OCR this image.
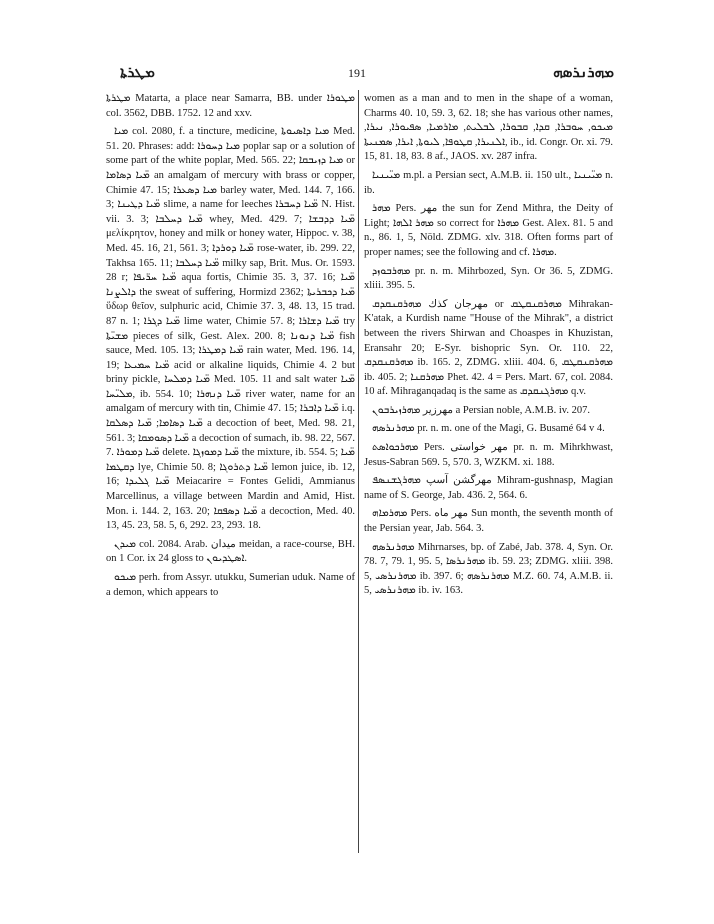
ܡܛܪܬܐ	191	ܡܗܪܢܪܣܗ

ܡܛܪܬܐ Matarta, a place near Samarra, BB. under ܡܛܘܪܐ col. 3562, DBB. 1752. 12 and xxv.

ܡܝܐ col. 2080, f. a tincture, medicine, ܡܝܐ ܕܐܣܝܘܬܐ Med. 51. 20. Phrases: add: ܡܝܐ ܕܚܘܪܐ poplar sap or a solution of some part of the white poplar, Med. 565. 22; ܡܝܐ ܕܙܝܒܩܐ or ܡ̈ܝܐ ܕܣܐܡܐ an amalgam of mercury with brass or copper, Chimie 47. 15; ܡܝܐ ܕܣܥܪܐ barley water, Med. 144. 7, 166. 3; ܡ̈ܝܐ ܕܛܝܢܐ slime, a name for leeches ܡ̈ܝܐ ܕܚܒܪܐ N. Hist. vii. 3. 3; ܡ̈ܝܐ ܕܚܠܒܐ whey, Med. 429. 7; ܡ̈ܝܐ ܕܕܒܫܐ μελίκρητον, honey and milk or honey water, Hippoc. v. 38, Med. 45. 16, 21, 561. 3; ܡ̈ܝܐ ܕܘܪܕܐ rose-water, ib. 299. 22, Takhsa 165. 11; ܡ̈ܝܐ ܕܚܠܒܐ milky sap, Brit. Mus. Or. 1593. 28 r; ܡ̈ܝܐ ܚܪ̈ܝܦܐ aqua fortis, Chimie 35. 3, 37. 16; ܡ̈ܝܐ ܕܐܠܨܢܐ the sweat of suffering, Hormizd 2362; ܡ̈ܝܐ ܕܟܒܪܝܬܐ ὕδωρ θεῖον, sulphuric acid, Chimie 37. 3, 48. 13, 15 trad. 87 n. 1; ܡ̈ܝܐ ܕܓܪܐ lime water, Chimie 57. 8; ܡ̈ܝܐ ܕܫܐܪܐ try ܡܫܝ̈ܬܐ pieces of silk, Gest. Alex. 200. 8; ܡ̈ܝܐ ܕܢܘܢܐ fish sauce, Med. 105. 13; ܡ̈ܝܐ ܕܡܛܪܐ rain water, Med. 196. 14, 19; ܡ̈ܝܐ ܚܡܝܥܐ acid or alkaline liquids, Chimie 4. 2 but briny pickle, ܡ̈ܝܐ ܕܡܠܚܐ Med. 105. 11 and salt water ܡ̈ܝܐ ܡܠܝ̈ܚܐ, ib. 554. 10; ܡ̈ܝܐ ܕܢܗܪܐ river water, name for an amalgam of mercury with tin, Chimie 47. 15; ܡ̈ܝܐ ܕܐܒܪܐ i.q. ܡ̈ܝܐ ܕܣܐܡܐ; ܡ̈ܝܐ ܕܣܠܩܐ a decoction of beet, Med. 98. 21, 561. 3; ܡ̈ܝܐ ܕܣܘܡܩܐ a decoction of sumach, ib. 98. 22, 567. 7. ܡ̈ܝܐ ܕܡܘܪܐ delete. ܡ̈ܝܐ ܕܡܘܙܓܐ the mixture, ib. 554. 5; ܡ̈ܝܐ ܕܩܛܡܐ lye, Chimie 50. 8; ܡ̈ܝܐ ܕܬܪܘܓܐ lemon juice, ib. 12, 16; ܡ̈ܝܐ ܓܠܝܕܐ Meiacarire = Fontes Gelidi, Ammianus Marcellinus, a village between Mardin and Amid, Hist. Mon. i. 144. 2, 163. 20; ܡ̈ܝܐ ܕܣܦܩܐ a decoction, Med. 40. 13, 45. 23, 58. 5, 6, 292. 23, 293. 18.

ܡܝܕܢ col. 2084. Arab. ميدان meidan, a race-course, BH. on 1 Cor. ix 24 gloss to ܐܣܛܕܝܘܢ.

ܡܝܟܘ perh. from Assyr. utukku, Sumerian uduk. Name of a demon, which appears to

women as a man and to men in the shape of a woman, Charms 40. 10, 59. 3, 62. 18; she has various other names, ܡܝܟܘ, ܚܘܒܪܐ, ܩܕܐ, ܩܒܘܪܐ, ܠܒܠܝܬ, ܡܐܪܡܝܐ, ܣܦܝܘܪܐ, ܢܝܪܐ, ܐܠܢܝܪܐ, ܩܛܘܦܐ, ܠܝܘܬܐ, ܐܝܪܐ, ܣܡܢܝܬܐ, ib., id. Congr. Or. xi. 79. 15, 81. 18, 83. 8 af., JAOS. xv. 287 infra.

ܡܝ̈ܝܢܝܐ m.pl. a Persian sect, A.M.B. ii. 150 ult., ܡܝ̈ܝܢܝܐ n. ib.

ܡܗܪ Pers. مهر the sun for Zend Mithra, the Deity of Light; ܡܗܪ ܐܠܗܐ so correct for ܡܗܪܐ Gest. Alex. 81. 5 and n., 86. 1, 5, Nöld. ZDMG. xlv. 318. Often forms part of proper names; see the following and cf. ܡܗܪܐ.

ܡܗܪܒܘܙܕ pr. n. m. Mihrbozed, Syn. Or 36. 5, ZDMG. xliii. 395. 5.

مهرجان كذك ܡܗܪܩܢܩܕܩ or ܡܗܪܩܢܩܛܩ Mihrakan-K'atak, a Kurdish name "House of the Mihrak", a district between the rivers Shirwan and Choaspes in Khuzistan, Eransahr 20; E-Syr. bishopric Syn. Or. 110. 22, ܡܗܪܩܢܩܕܩ ib. 165. 2, ZDMG. xliii. 404. 6, ܡܗܪܩܢܩܛܩ ib. 405. 2; ܡܗܪܩܢܐ Phet. 42. 4 = Pers. Mart. 67, col. 2084. 10 af. Mihraganqadaq is the same as ܡܗܪܓܢܩܕܩ q.v.

مهرزير ܡܗܪܙܝܪܒܘܢ a Persian noble, A.M.B. iv. 207.

ܡܗܪܢܪܣܗ pr. n. m. one of the Magi, G. Busamé 64 v 4.

ܡܗܪܟܘܐܣܬ Pers. مهر خواستی pr. n. m. Mihrkhwast, Jesus-Sabran 569. 5, 570. 3, WZKM. xi. 188.

مهرگشن آسپ ܡܗܪܓܫܢܣܦ Mihram-gushnasp, Magian name of S. George, Jab. 436. 2, 564. 6.

ܡܗܪܡܐܗ Pers. مهر ماه Sun month, the seventh month of the Persian year, Jab. 564. 3.

ܡܗܪܢܪܣܗ Mihrnarses, bp. of Zabé, Jab. 378. 4, Syn. Or. 78. 7, 79. 1, 95. 5, ܡܗܪܢܪܣܐ ib. 59. 23; ZDMG. xliii. 398. 5, ܡܗܪܢܪܣܝ ib. 397. 6; ܡܗܪܢܪܣܗ M.Z. 60. 74, A.M.B. ii. 5, ܡܗܪܢܪܣܝ ib. iv. 163.
